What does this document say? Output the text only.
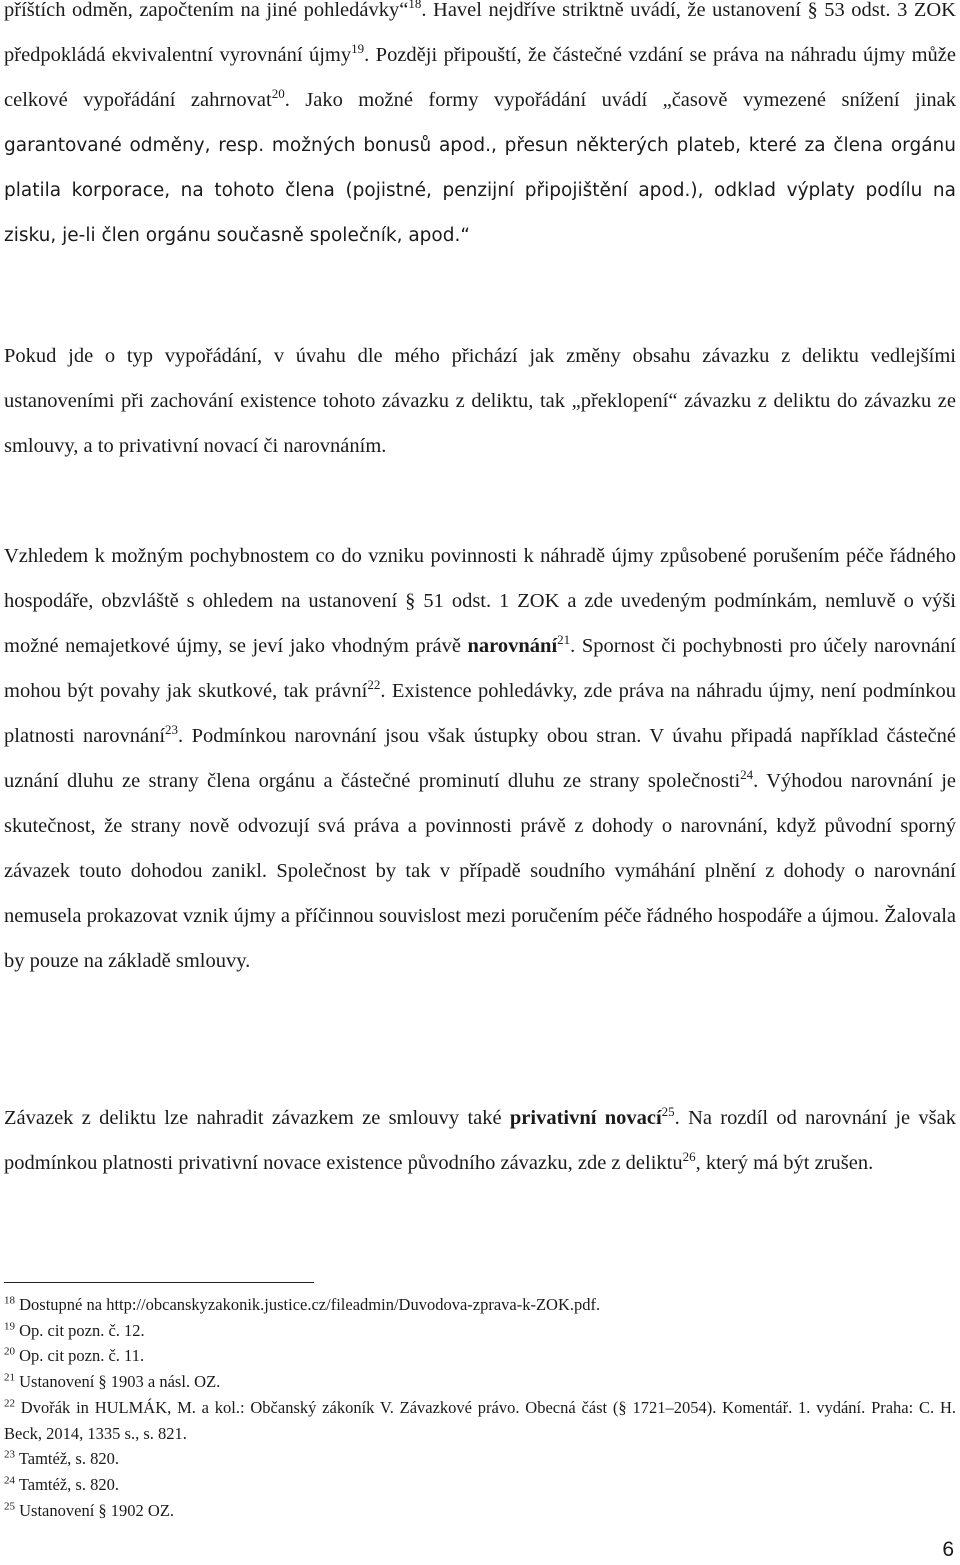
příštích odměn, započtením na jiné pohledávky“$^{18}$. Havel nejdříve striktně uvádí, že ustanovení § 53 odst. 3 ZOK předpokládá ekvivalentní vyrovnání újmy$^{19}$. Později připouští, že částečné vzdání se práva na náhradu újmy může celkové vypořádání zahrnovat$^{20}$. Jako možné formy vypořádání uvádí „časově vymezené snížení jinak garantované odměny, resp. možných bonusů apod., přesun některých plateb, které za člena orgánu platila korporace, na tohoto člena (pojistné, penzijní připojištění apod.), odklad výplaty podílu na zisku, je-li člen orgánu současně společník, apod.“

Pokud jde o typ vypořádání, v úvahu dle mého přichází jak změny obsahu závazku z deliktu vedlejšími ustanoveními při zachování existence tohoto závazku z deliktu, tak „překlopení“ závazku z deliktu do závazku ze smlouvy, a to privativní novací či narovnáním.

Vzhledem k možným pochybnostem co do vzniku povinnosti k náhradě újmy způsobené porušením péče řádného hospodáře, obzvláště s ohledem na ustanovení § 51 odst. 1 ZOK a zde uvedeným podmínkám, nemluvě o výši možné nemajetkové újmy, se jeví jako vhodným právě narovnání$^{21}$. Spornost či pochybnosti pro účely narovnání mohou být povahy jak skutkové, tak právní$^{22}$. Existence pohledávky, zde práva na náhradu újmy, není podmínkou platnosti narovnání$^{23}$. Podmínkou narovnání jsou však ústupky obou stran. V úvahu připadá například částečné uznání dluhu ze strany člena orgánu a částečné prominutí dluhu ze strany společnosti$^{24}$. Výhodou narovnání je skutečnost, že strany nově odvozují svá práva a povinnosti právě z dohody o narovnání, když původní sporný závazek touto dohodou zanikl. Společnost by tak v případě soudního vymáhání plnění z dohody o narovnání nemusela prokazovat vznik újmy a příčinnou souvislost mezi poručením péče řádného hospodáře a újmou. Žalovala by pouze na základě smlouvy.

Závazek z deliktu lze nahradit závazkem ze smlouvy také privativní novací$^{25}$. Na rozdíl od narovnání je však podmínkou platnosti privativní novace existence původního závazku, zde z deliktu$^{26}$, který má být zrušen.

$^{18}$ Dostupné na http://obcanskyzakonik.justice.cz/fileadmin/Duvodova-zprava-k-ZOK.pdf.

$^{19}$ Op. cit pozn. č. 12.

$^{20}$ Op. cit pozn. č. 11.

$^{21}$ Ustanovení § 1903 a násl. OZ.

$^{22}$ Dvořák in HULMÁK, M. a kol.: Občanský zákoník V. Závazkové právo. Obecná část (§ 1721–2054). Komentář. 1. vydání. Praha: C. H. Beck, 2014, 1335 s., s. 821.

$^{23}$ Tamtéž, s. 820.

$^{24}$ Tamtéž, s. 820.

$^{25}$ Ustanovení § 1902 OZ.

6
